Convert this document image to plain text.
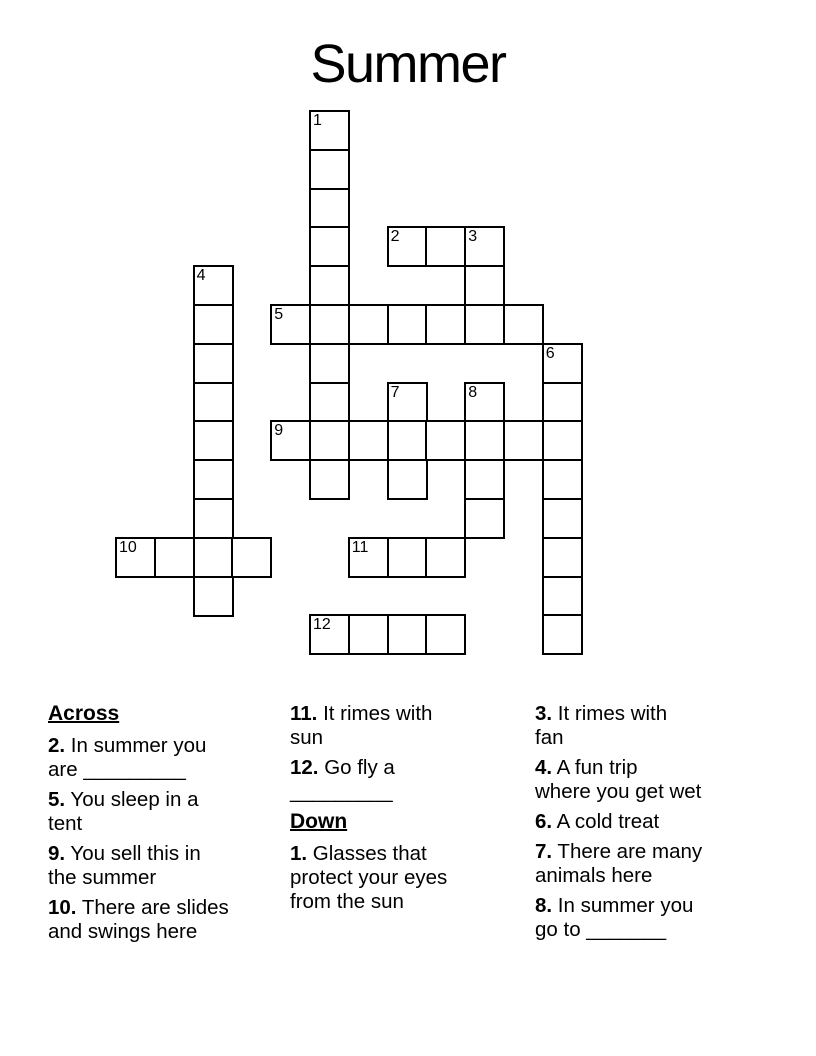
Summer
1
2	3
4
5
6
7	8
9
10	11
12
Across
2. In summer you
are _________
5. You sleep in a
tent
9. You sell this in
the summer
10. There are slides
and swings here
11. It rimes with
sun
12. Go fly a
_________
Down
1. Glasses that
protect your eyes
from the sun
3. It rimes with
fan
4. A fun trip
where you get wet
6. A cold treat
7. There are many
animals here
8. In summer you
go to _______
